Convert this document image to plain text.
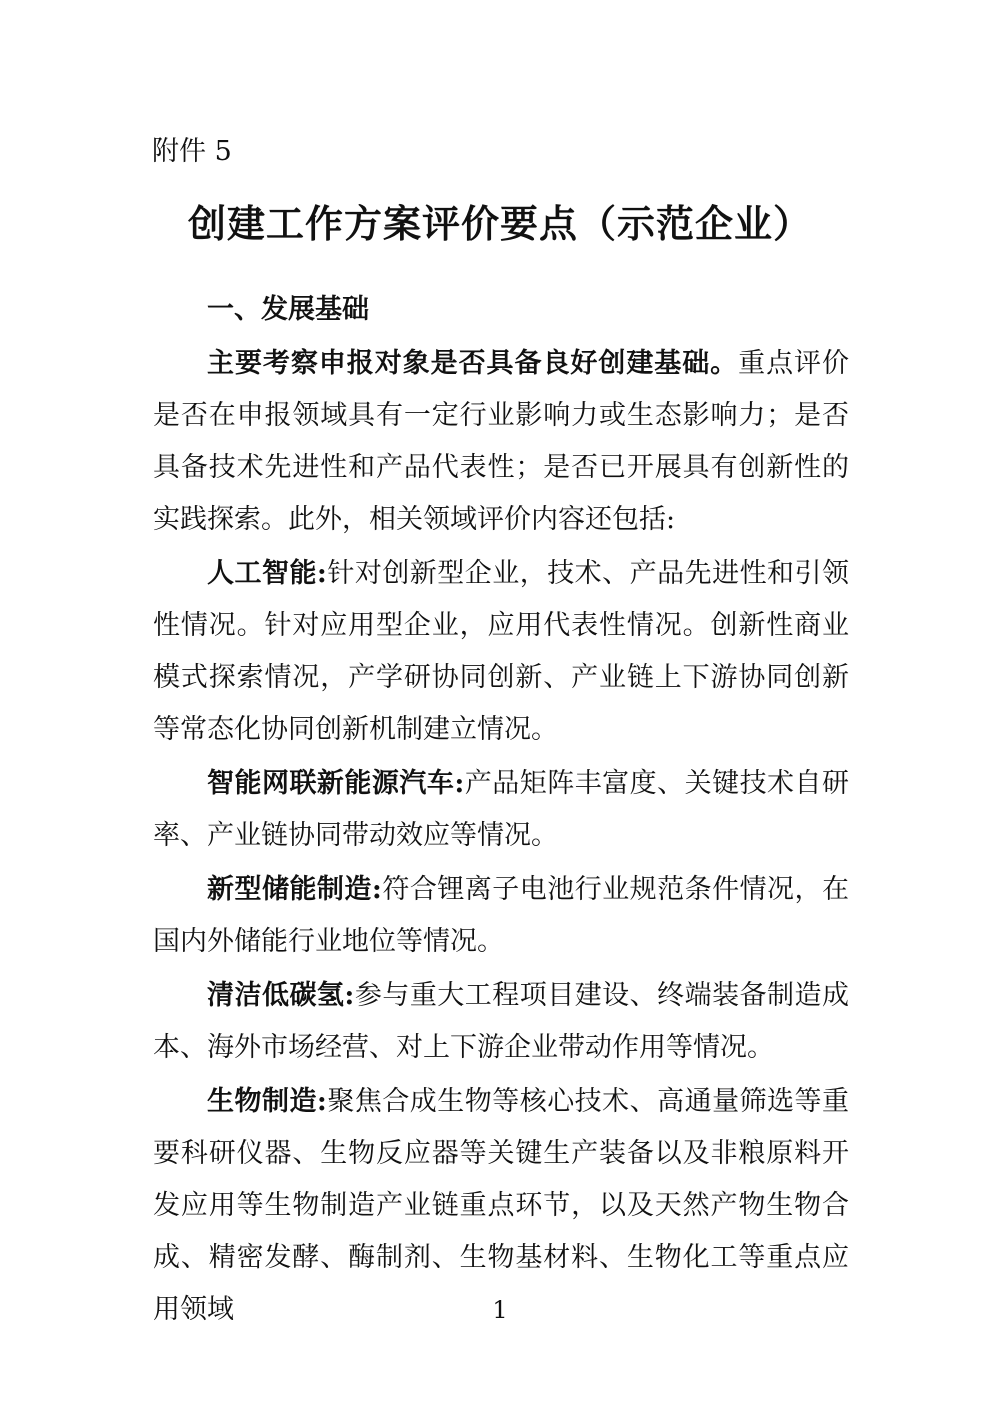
附件 5

创建工作方案评价要点（示范企业）

一、发展基础

主要考察申报对象是否具备良好创建基础。重点评价是否在申报领域具有一定行业影响力或生态影响力；是否具备技术先进性和产品代表性；是否已开展具有创新性的实践探索。此外，相关领域评价内容还包括:

人工智能:针对创新型企业，技术、产品先进性和引领性情况。针对应用型企业，应用代表性情况。创新性商业模式探索情况，产学研协同创新、产业链上下游协同创新等常态化协同创新机制建立情况。

智能网联新能源汽车:产品矩阵丰富度、关键技术自研率、产业链协同带动效应等情况。

新型储能制造:符合锂离子电池行业规范条件情况，在国内外储能行业地位等情况。

清洁低碳氢:参与重大工程项目建设、终端装备制造成本、海外市场经营、对上下游企业带动作用等情况。

生物制造:聚焦合成生物等核心技术、高通量筛选等重要科研仪器、生物反应器等关键生产装备以及非粮原料开发应用等生物制造产业链重点环节，以及天然产物生物合成、精密发酵、酶制剂、生物基材料、生物化工等重点应用领域	1
